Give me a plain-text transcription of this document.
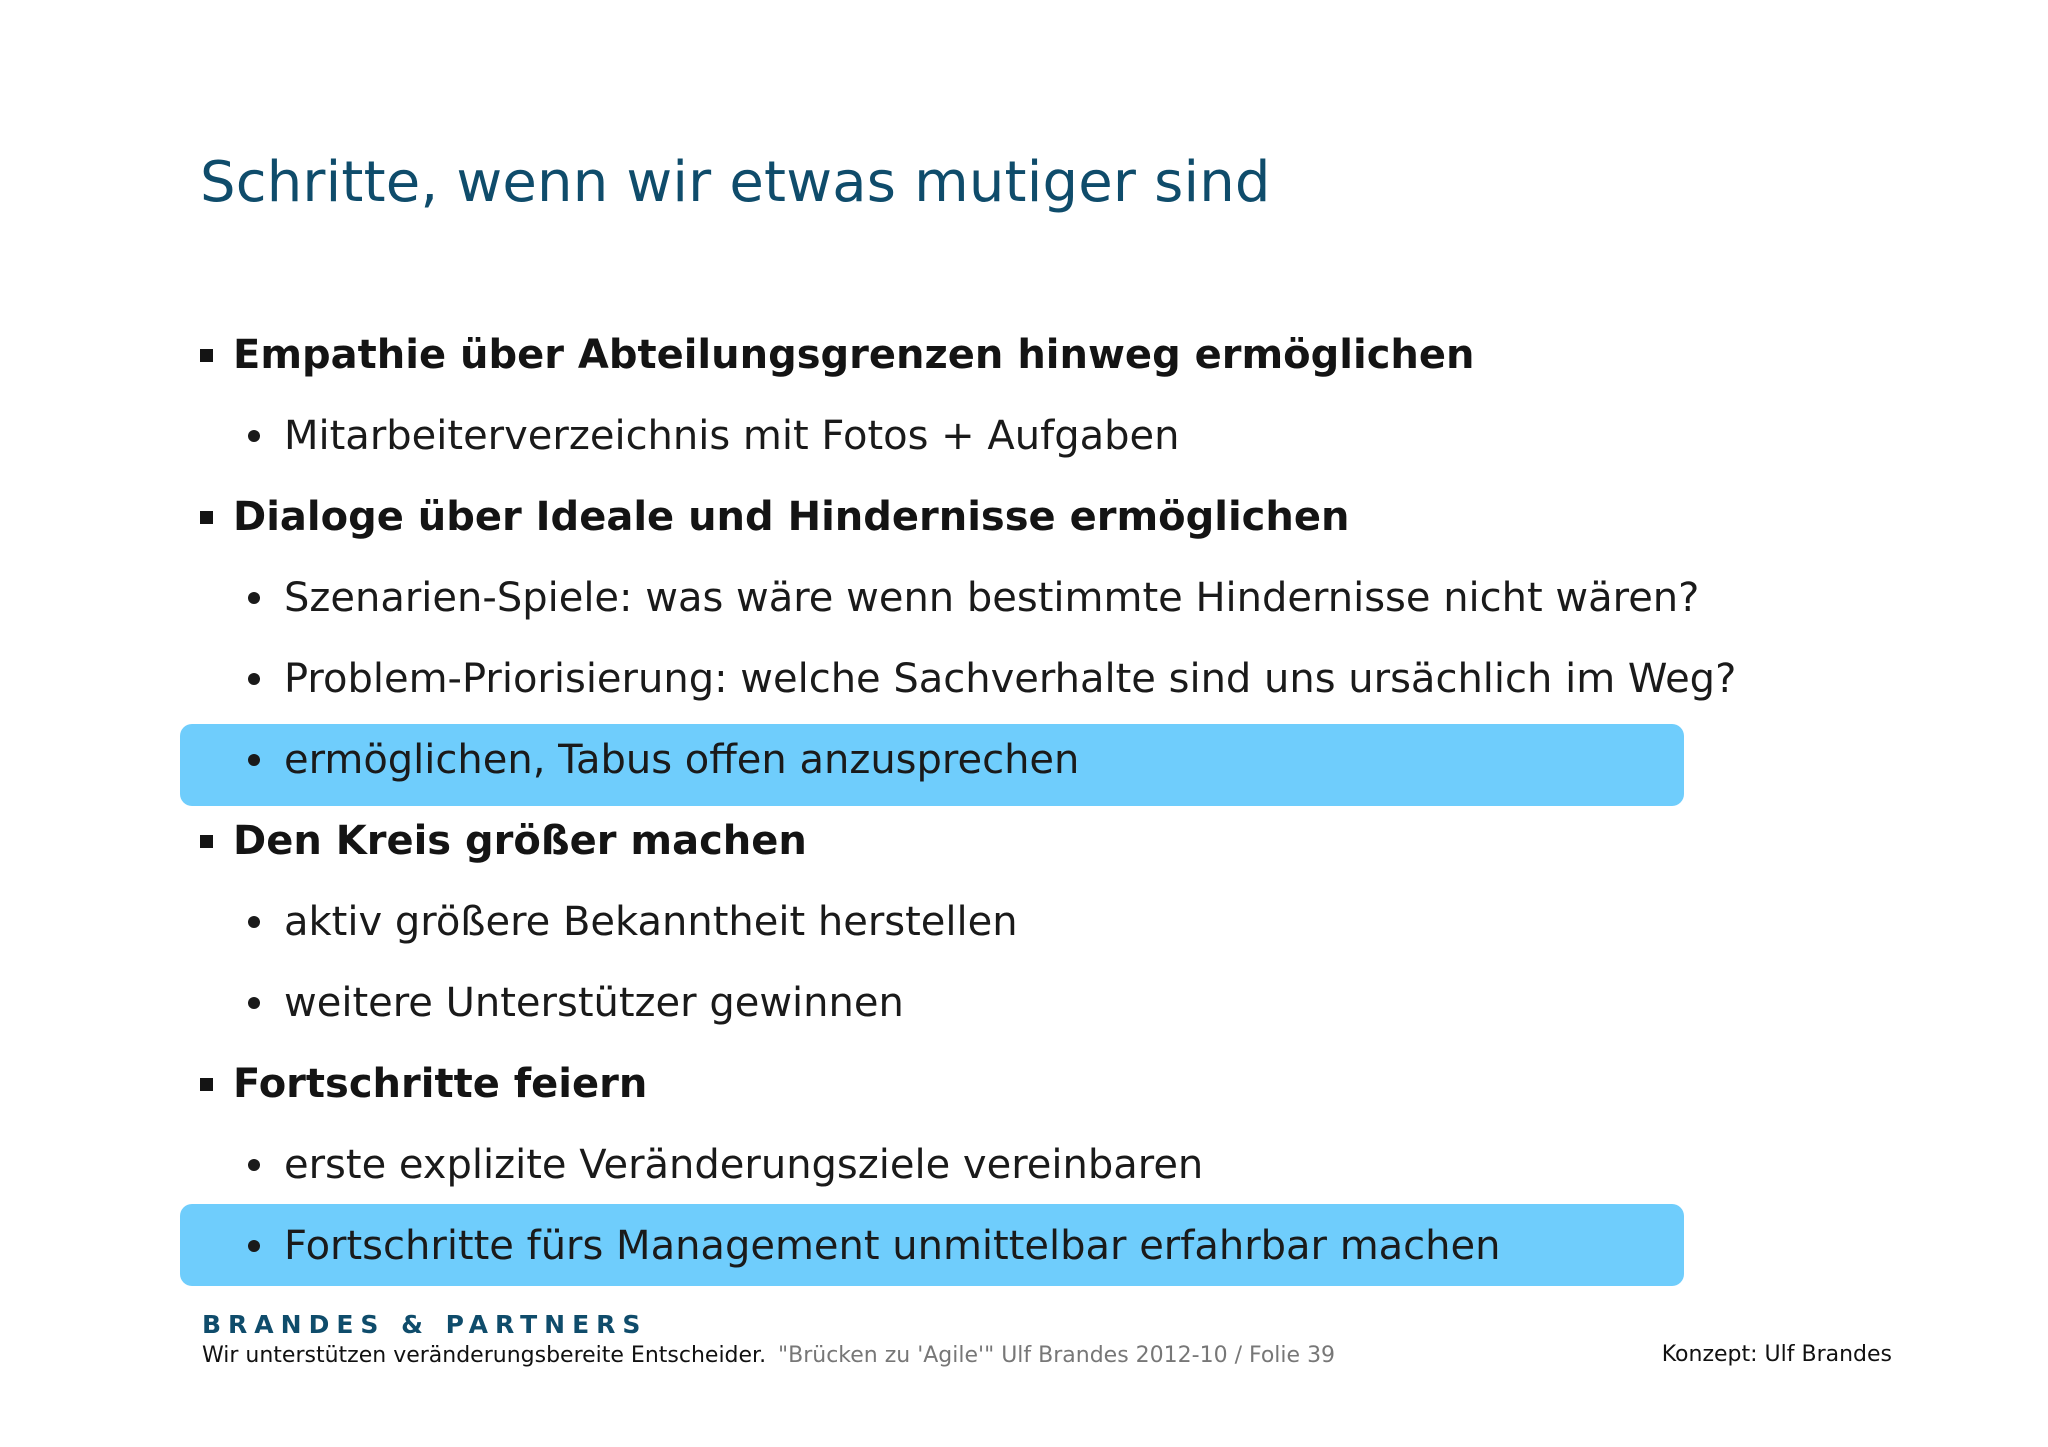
Schritte, wenn wir etwas mutiger sind
Empathie über Abteilungsgrenzen hinweg ermöglichen
Mitarbeiterverzeichnis mit Fotos + Aufgaben
Dialoge über Ideale und Hindernisse ermöglichen
Szenarien-Spiele: was wäre wenn bestimmte Hindernisse nicht wären?
Problem-Priorisierung: welche Sachverhalte sind uns ursächlich im Weg?
ermöglichen, Tabus offen anzusprechen
Den Kreis größer machen
aktiv größere Bekanntheit herstellen
weitere Unterstützer gewinnen
Fortschritte feiern
erste explizite Veränderungsziele vereinbaren
Fortschritte fürs Management unmittelbar erfahrbar machen
BRANDES & PARTNERS
Wir unterstützen veränderungsbereite Entscheider. "Brücken zu 'Agile'" Ulf Brandes 2012-10 / Folie 39	Konzept: Ulf Brandes
